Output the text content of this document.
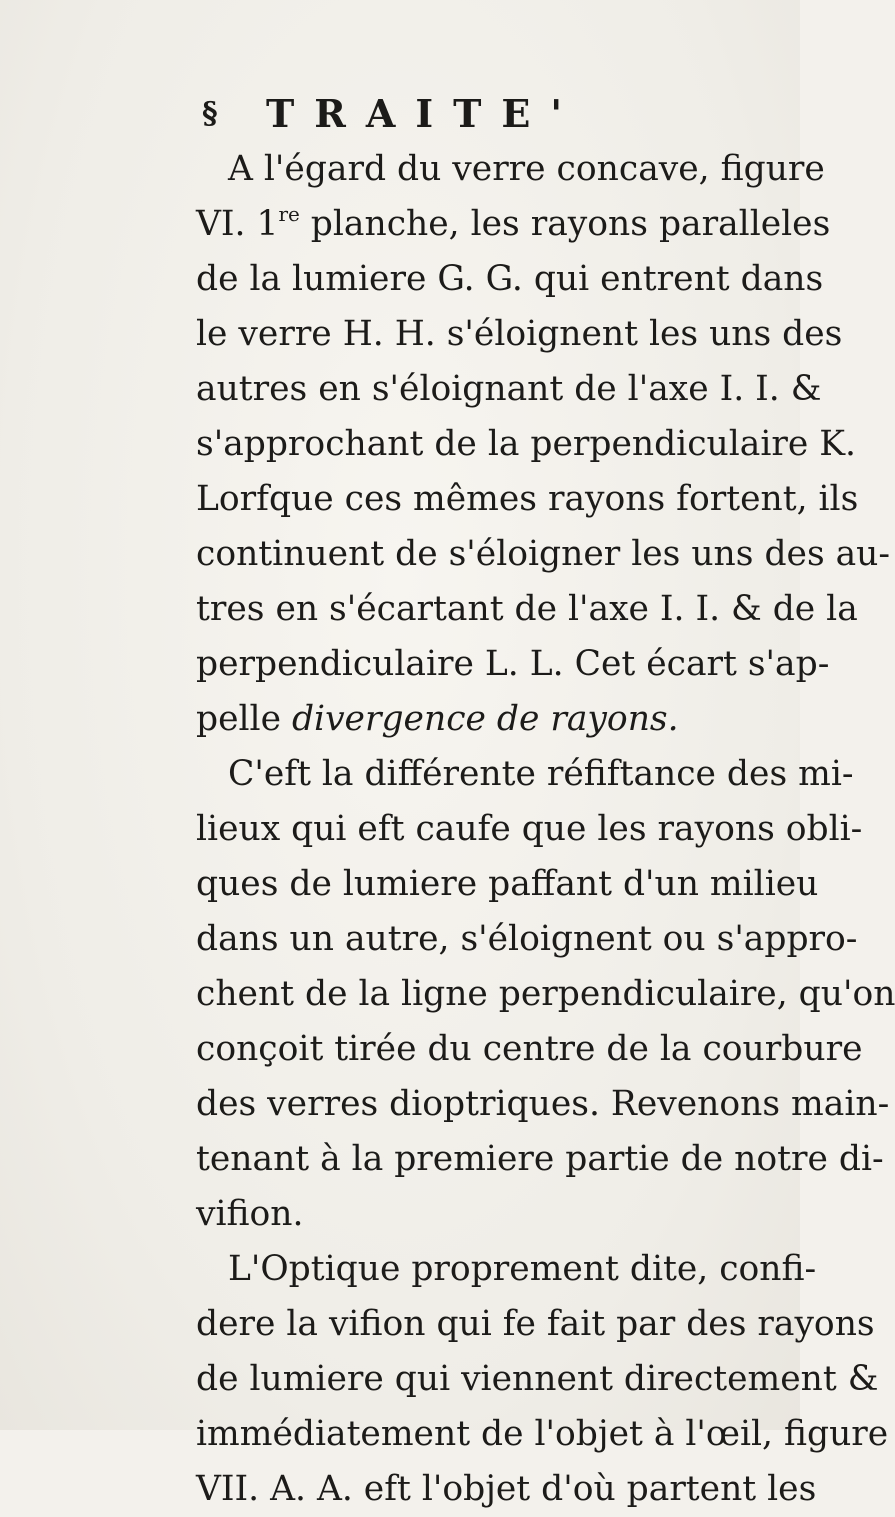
§ TRAITE'
A l'égard du verre concave, figure
VI. 1re planche, les rayons paralleles
de la lumiere G. G. qui entrent dans
le verre H. H. s'éloignent les uns des
autres en s'éloignant de l'axe I. I. &
s'approchant de la perpendiculaire K.
Lorfque ces mêmes rayons fortent, ils
continuent de s'éloigner les uns des au-
tres en s'écartant de l'axe I. I. & de la
perpendiculaire L. L. Cet écart s'ap-
pelle divergence de rayons.
C'eft la différente réfiftance des mi-
lieux qui eft caufe que les rayons obli-
ques de lumiere paffant d'un milieu
dans un autre, s'éloignent ou s'appro-
chent de la ligne perpendiculaire, qu'on
conçoit tirée du centre de la courbure
des verres dioptriques. Revenons main-
tenant à la premiere partie de notre di-
vifion.
L'Optique proprement dite, confi-
dere la vifion qui fe fait par des rayons
de lumiere qui viennent directement &
immédiatement de l'objet à l'œil, figure
VII. A. A. eft l'objet d'où partent les
